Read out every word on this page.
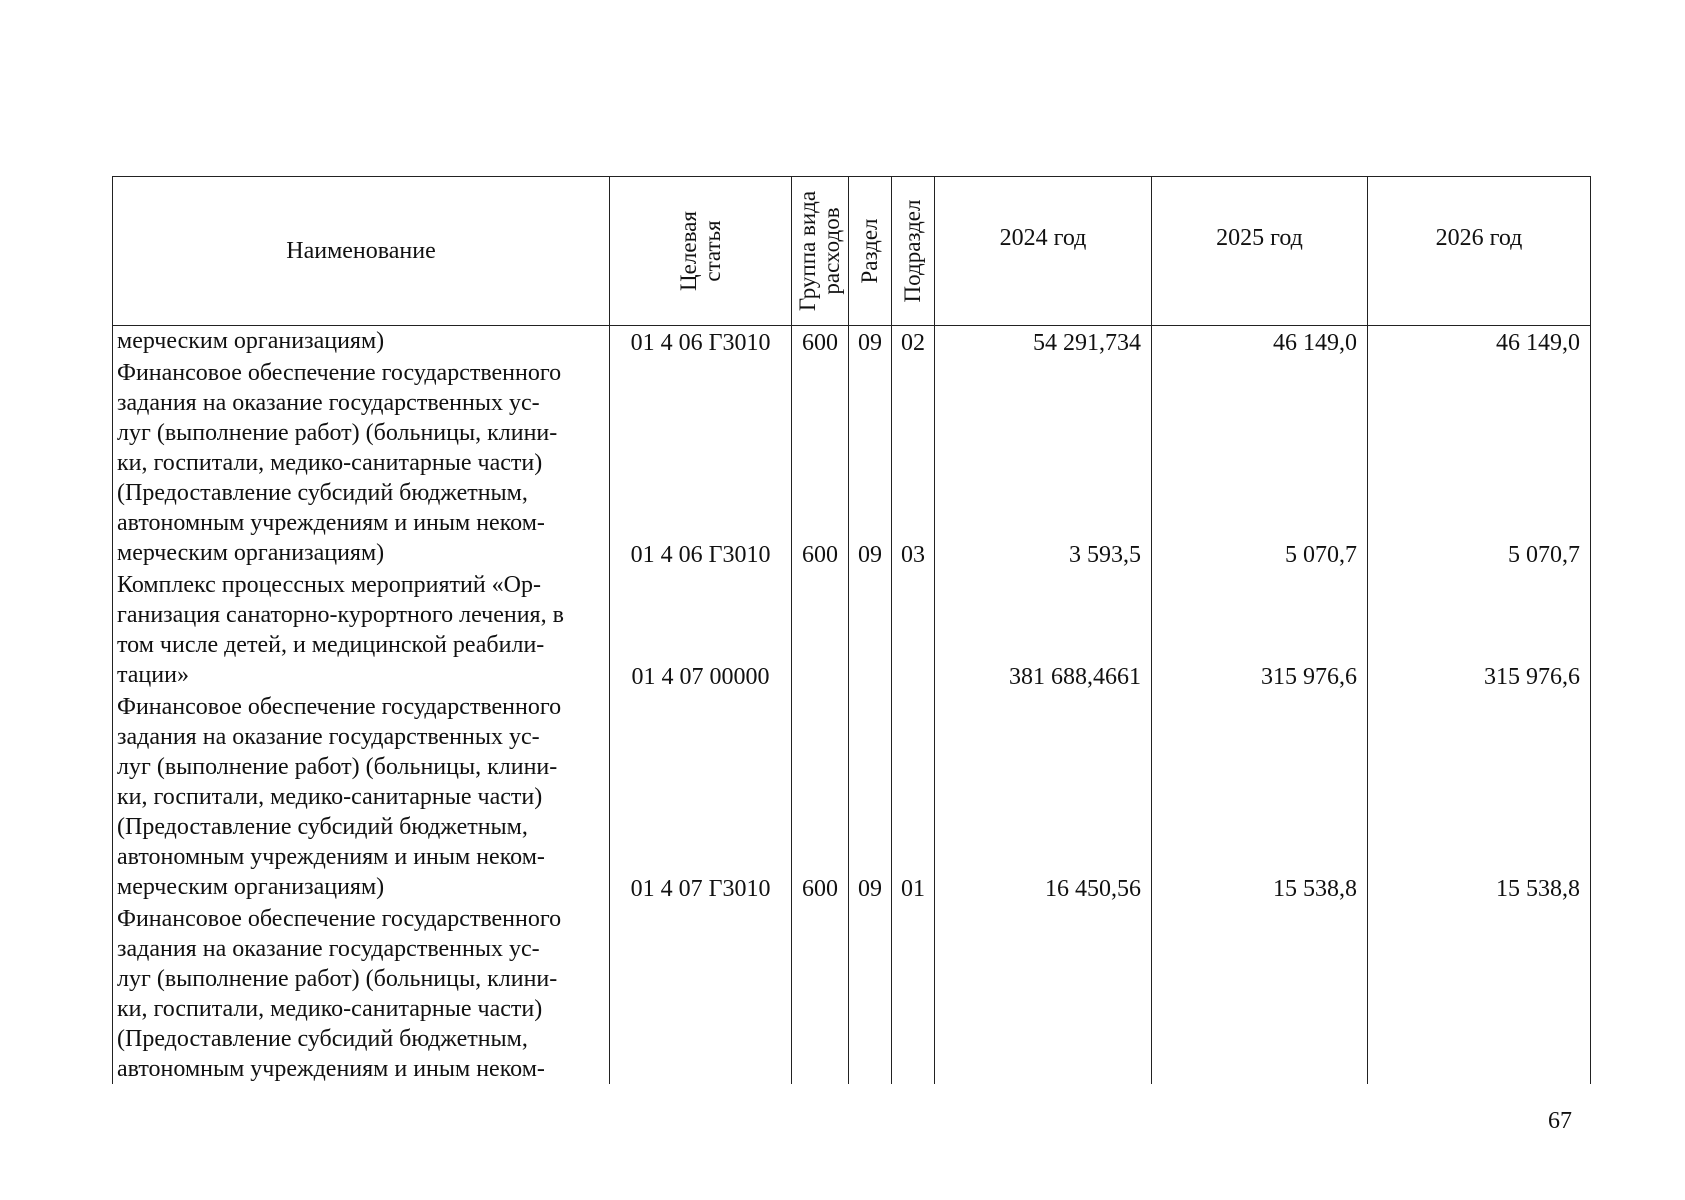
Наименование	Целевая статья	Группа вида расходов	Раздел	Подраздел	2024 год	2025 год	2026 год

мерческим организациям)	01 4 06 Г3010	600	09	02	54 291,734	46 149,0	46 149,0
Финансовое обеспечение государственного							
задания на оказание государственных ус-							
луг (выполнение работ) (больницы, клини-							
ки, госпитали, медико-санитарные части)							
(Предоставление субсидий бюджетным,							
автономным учреждениям и иным неком-							
мерческим организациям)	01 4 06 Г3010	600	09	03	3 593,5	5 070,7	5 070,7
Комплекс процессных мероприятий «Ор-							
ганизация санаторно-курортного лечения, в							
том числе детей, и медицинской реабили-							
тации»	01 4 07 00000				381 688,4661	315 976,6	315 976,6
Финансовое обеспечение государственного							
задания на оказание государственных ус-							
луг (выполнение работ) (больницы, клини-							
ки, госпитали, медико-санитарные части)							
(Предоставление субсидий бюджетным,							
автономным учреждениям и иным неком-							
мерческим организациям)	01 4 07 Г3010	600	09	01	16 450,56	15 538,8	15 538,8
Финансовое обеспечение государственного							
задания на оказание государственных ус-							
луг (выполнение работ) (больницы, клини-							
ки, госпитали, медико-санитарные части)							
(Предоставление субсидий бюджетным,							
автономным учреждениям и иным неком-							
67
